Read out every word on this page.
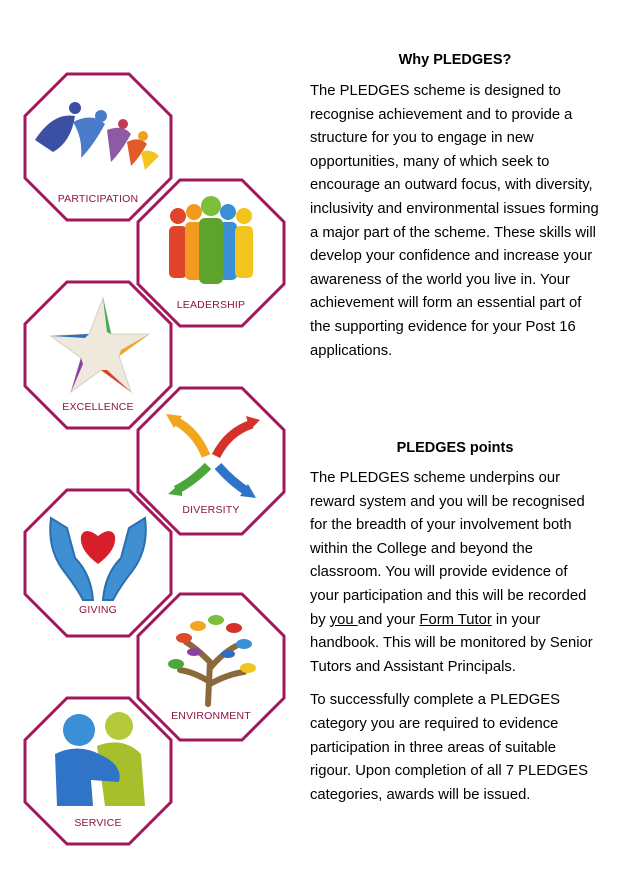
PARTICIPATION
LEADERSHIP
EXCELLENCE
DIVERSITY
GIVING
ENVIRONMENT
SERVICE

Why PLEDGES?

The PLEDGES scheme is designed to recognise achievement and to provide a structure for you to engage in new opportunities, many of which seek to encourage an outward focus, with diversity, inclusivity and environmental issues forming a major part of the scheme. These skills will develop your confidence and increase your awareness of the world you live in. Your achievement will form an essential part of the supporting evidence for your Post 16 applications.

PLEDGES points

The PLEDGES scheme underpins our reward system and you will be recognised for the breadth of your involvement both within the College and beyond the classroom. You will provide evidence of your participation and this will be recorded by you and your Form Tutor in your handbook. This will be monitored by Senior Tutors and Assistant Principals.

To successfully complete a PLEDGES category you are required to evidence participation in three areas of suitable rigour. Upon completion of all 7 PLEDGES categories, awards will be issued.
